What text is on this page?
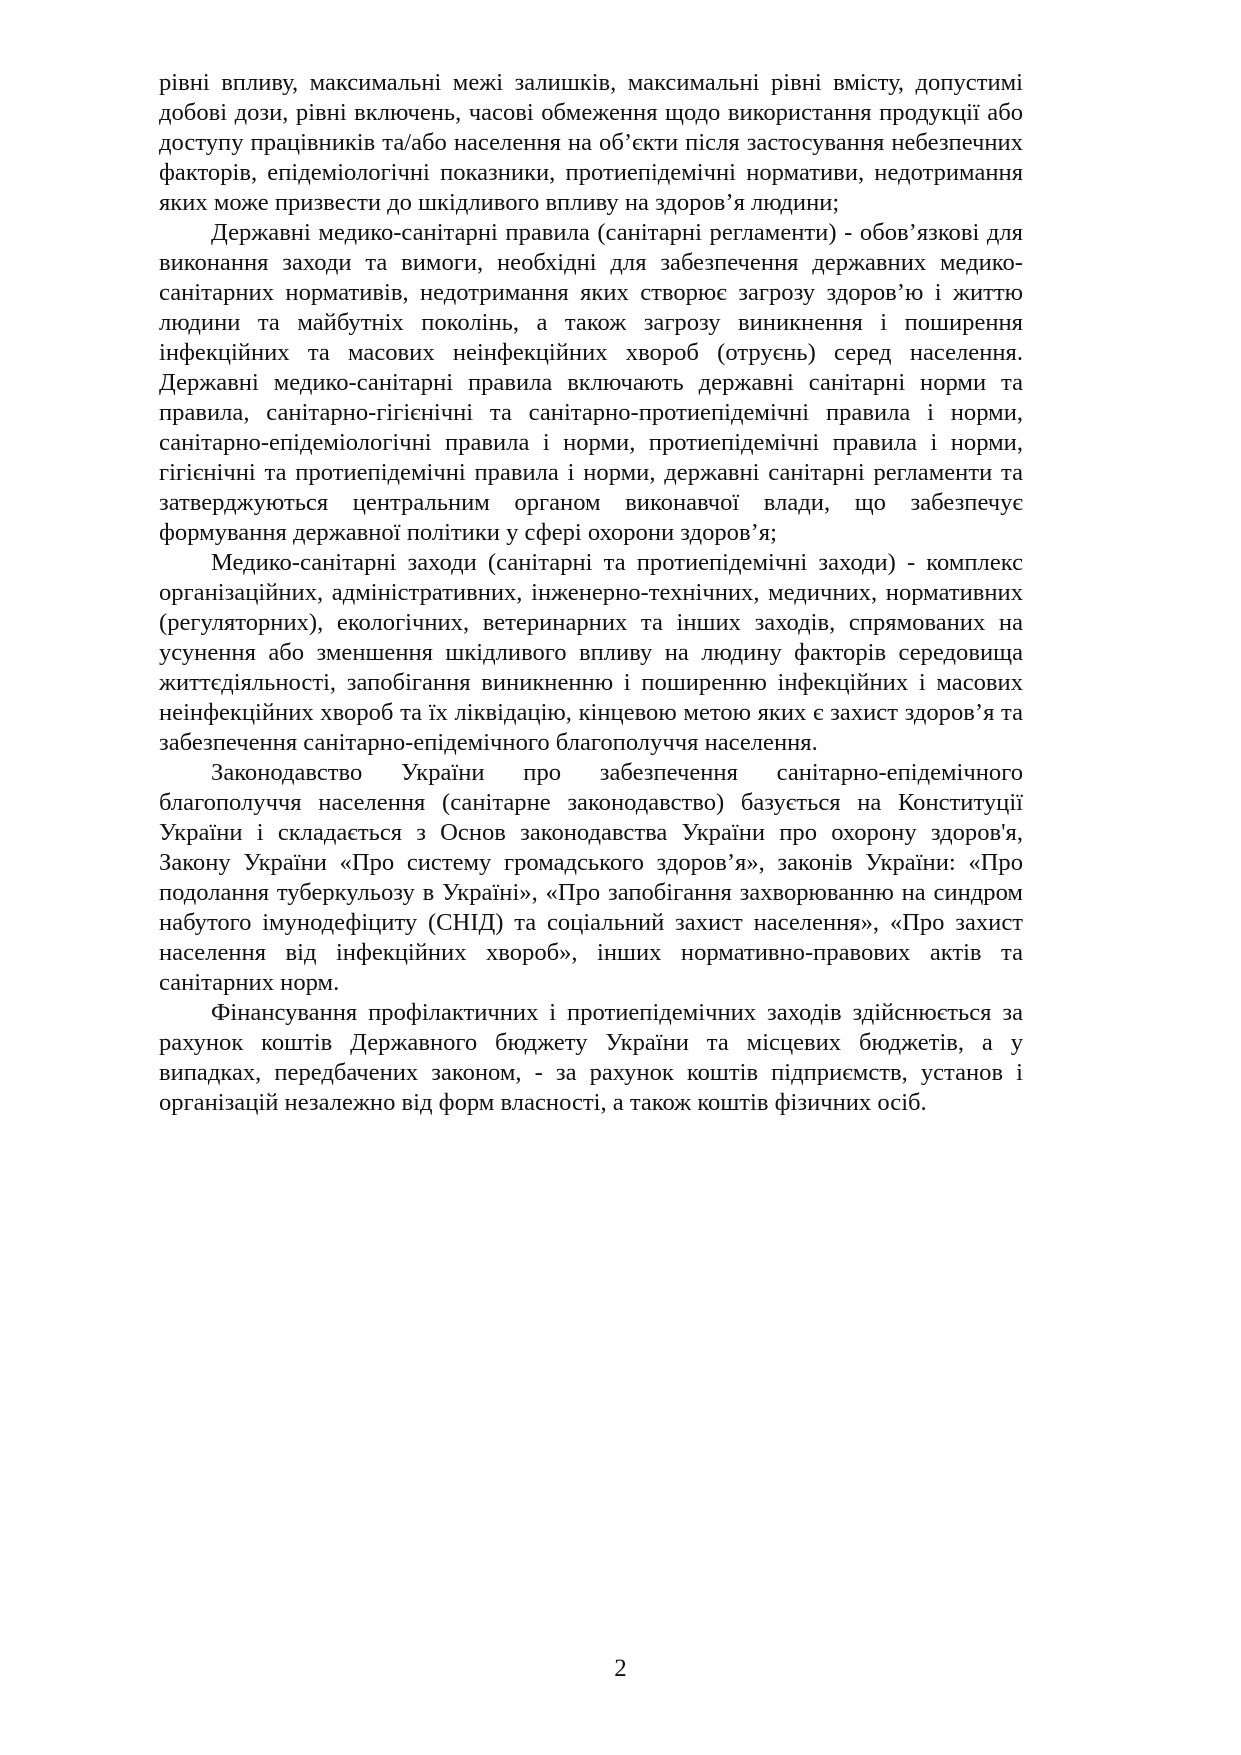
рівні впливу, максимальні межі залишків, максимальні рівні вмісту, допустимі добові дози, рівні включень, часові обмеження щодо використання продукції або доступу працівників та/або населення на об’єкти після застосування небезпечних факторів, епідеміологічні показники, протиепідемічні нормативи, недотримання яких може призвести до шкідливого впливу на здоров’я людини;

Державні медико-санітарні правила (санітарні регламенти) - обов’язкові для виконання заходи та вимоги, необхідні для забезпечення державних медико-санітарних нормативів, недотримання яких створює загрозу здоров’ю і життю людини та майбутніх поколінь, а також загрозу виникнення і поширення інфекційних та масових неінфекційних хвороб (отруєнь) серед населення. Державні медико-санітарні правила включають державні санітарні норми та правила, санітарно-гігієнічні та санітарно-протиепідемічні правила і норми, санітарно-епідеміологічні правила і норми, протиепідемічні правила і норми, гігієнічні та протиепідемічні правила і норми, державні санітарні регламенти та затверджуються центральним органом виконавчої влади, що забезпечує формування державної політики у сфері охорони здоров’я;

Медико-санітарні заходи (санітарні та протиепідемічні заходи) - комплекс організаційних, адміністративних, інженерно-технічних, медичних, нормативних (регуляторних), екологічних, ветеринарних та інших заходів, спрямованих на усунення або зменшення шкідливого впливу на людину факторів середовища життєдіяльності, запобігання виникненню і поширенню інфекційних і масових неінфекційних хвороб та їх ліквідацію, кінцевою метою яких є захист здоров’я та забезпечення санітарно-епідемічного благополуччя населення.

Законодавство України про забезпечення санітарно-епідемічного благополуччя населення (санітарне законодавство) базується на Конституції України і складається з Основ законодавства України про охорону здоров'я, Закону України «Про систему громадського здоров’я», законів України: «Про подолання туберкульозу в Україні», «Про запобігання захворюванню на синдром набутого імунодефіциту (СНІД) та соціальний захист населення», «Про захист населення від інфекційних хвороб», інших нормативно-правових актів та санітарних норм.

Фінансування профілактичних і протиепідемічних заходів здійснюється за рахунок коштів Державного бюджету України та місцевих бюджетів, а у випадках, передбачених законом, - за рахунок коштів підприємств, установ і організацій незалежно від форм власності, а також коштів фізичних осіб.

2
